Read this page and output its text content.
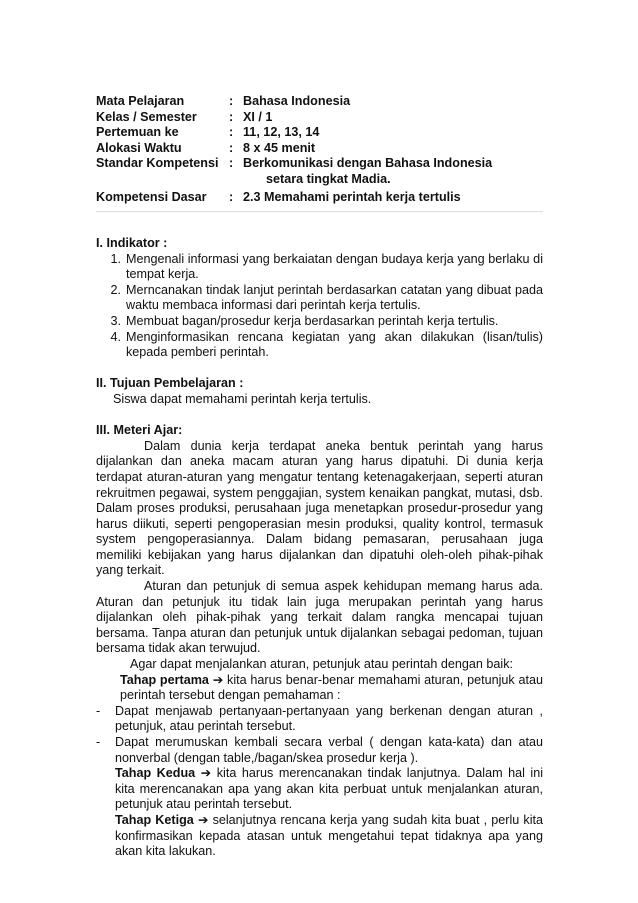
Mata Pelajaran	: Bahasa Indonesia
Kelas / Semester	: XI / 1
Pertemuan ke	: 11, 12, 13, 14
Alokasi Waktu	: 8 x 45 menit
Standar Kompetensi : Berkomunikasi dengan Bahasa Indonesia
setara tingkat Madia.
Kompetensi Dasar	: 2.3 Memahami perintah kerja tertulis
I. Indikator :
1. Mengenali informasi yang berkaiatan dengan budaya kerja yang berlaku di tempat kerja.
2. Merncanakan tindak lanjut perintah berdasarkan catatan yang dibuat pada waktu membaca informasi dari perintah kerja tertulis.
3. Membuat bagan/prosedur kerja berdasarkan perintah kerja tertulis.
4. Menginformasikan rencana kegiatan yang akan dilakukan (lisan/tulis) kepada pemberi perintah.
II. Tujuan Pembelajaran :
Siswa dapat memahami perintah kerja tertulis.
III. Meteri Ajar:
Dalam dunia kerja terdapat aneka bentuk perintah yang harus dijalankan dan aneka macam aturan yang harus dipatuhi. Di dunia kerja terdapat aturan-aturan yang mengatur tentang ketenagakerjaan, seperti aturan rekruitmen pegawai, system penggajian, system kenaikan pangkat, mutasi, dsb. Dalam proses produksi, perusahaan juga menetapkan prosedur-prosedur yang harus diikuti, seperti pengoperasian mesin produksi, quality kontrol, termasuk system pengoperasiannya. Dalam bidang pemasaran, perusahaan juga memiliki kebijakan yang harus dijalankan dan dipatuhi oleh-oleh pihak-pihak yang terkait.
Aturan dan petunjuk di semua aspek kehidupan memang harus ada. Aturan dan petunjuk itu tidak lain juga merupakan perintah yang harus dijalankan oleh pihak-pihak yang terkait dalam rangka mencapai tujuan bersama. Tanpa aturan dan petunjuk untuk dijalankan sebagai pedoman, tujuan bersama tidak akan terwujud.
Agar dapat menjalankan aturan, petunjuk atau perintah dengan baik:
Tahap pertama ➔ kita harus benar-benar memahami aturan, petunjuk atau perintah tersebut dengan pemahaman :
-	Dapat menjawab pertanyaan-pertanyaan yang berkenan dengan aturan , petunjuk, atau perintah tersebut.
-	Dapat merumuskan kembali secara verbal ( dengan kata-kata) dan atau nonverbal (dengan table,/bagan/skea prosedur kerja ).
Tahap Kedua ➔ kita harus merencanakan tindak lanjutnya. Dalam hal ini kita merencanakan apa yang akan kita perbuat untuk menjalankan aturan, petunjuk atau perintah tersebut.
Tahap Ketiga ➔ selanjutnya rencana kerja yang sudah kita buat , perlu kita konfirmasikan kepada atasan untuk mengetahui tepat tidaknya apa yang akan kita lakukan.
